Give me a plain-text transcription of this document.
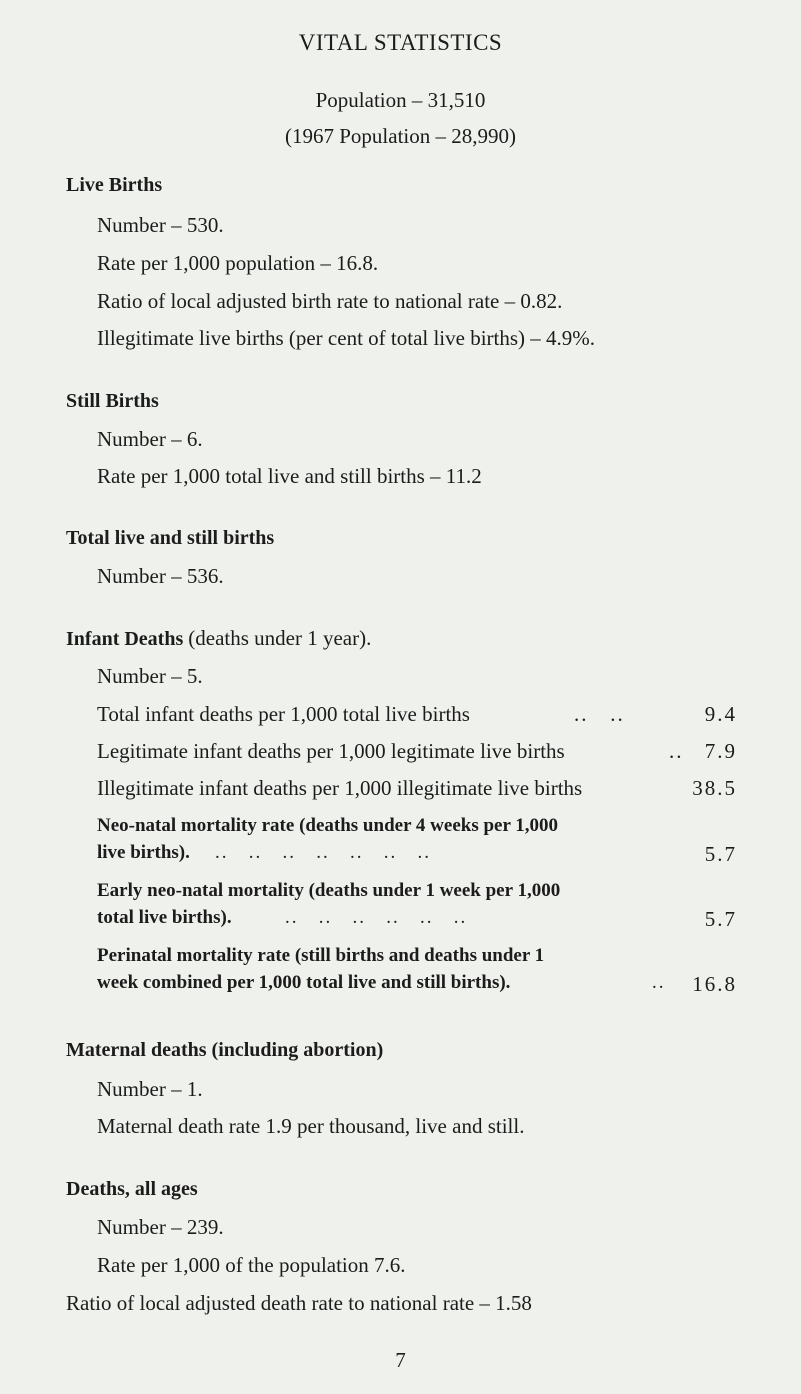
VITAL STATISTICS
Population – 31,510
(1967 Population – 28,990)
Live Births
Number – 530.
Rate per 1,000 population – 16.8.
Ratio of local adjusted birth rate to national rate – 0.82.
Illegitimate live births (per cent of total live births) – 4.9%.
Still Births
Number – 6.
Rate per 1,000 total live and still births – 11.2
Total live and still births
Number – 536.
Infant Deaths (deaths under 1 year).
Number – 5.
Total infant deaths per 1,000 total live births	..   ..	9.4
Legitimate infant deaths per 1,000 legitimate live births	.. 7.9
Illegitimate infant deaths per 1,000 illegitimate live births	38.5
Neo-natal mortality rate (deaths under 4 weeks per 1,000
live births). ..   ..   ..   ..   ..   ..   ..	5.7
Early neo-natal mortality (deaths under 1 week per 1,000
total live births).	..   ..   ..   ..   ..   ..	5.7
Perinatal mortality rate (still births and deaths under 1
week combined per 1,000 total live and still births).	.. 16.8
Maternal deaths (including abortion)
Number – 1.
Maternal death rate 1.9 per thousand, live and still.
Deaths, all ages
Number – 239.
Rate per 1,000 of the population 7.6.
Ratio of local adjusted death rate to national rate – 1.58
7
